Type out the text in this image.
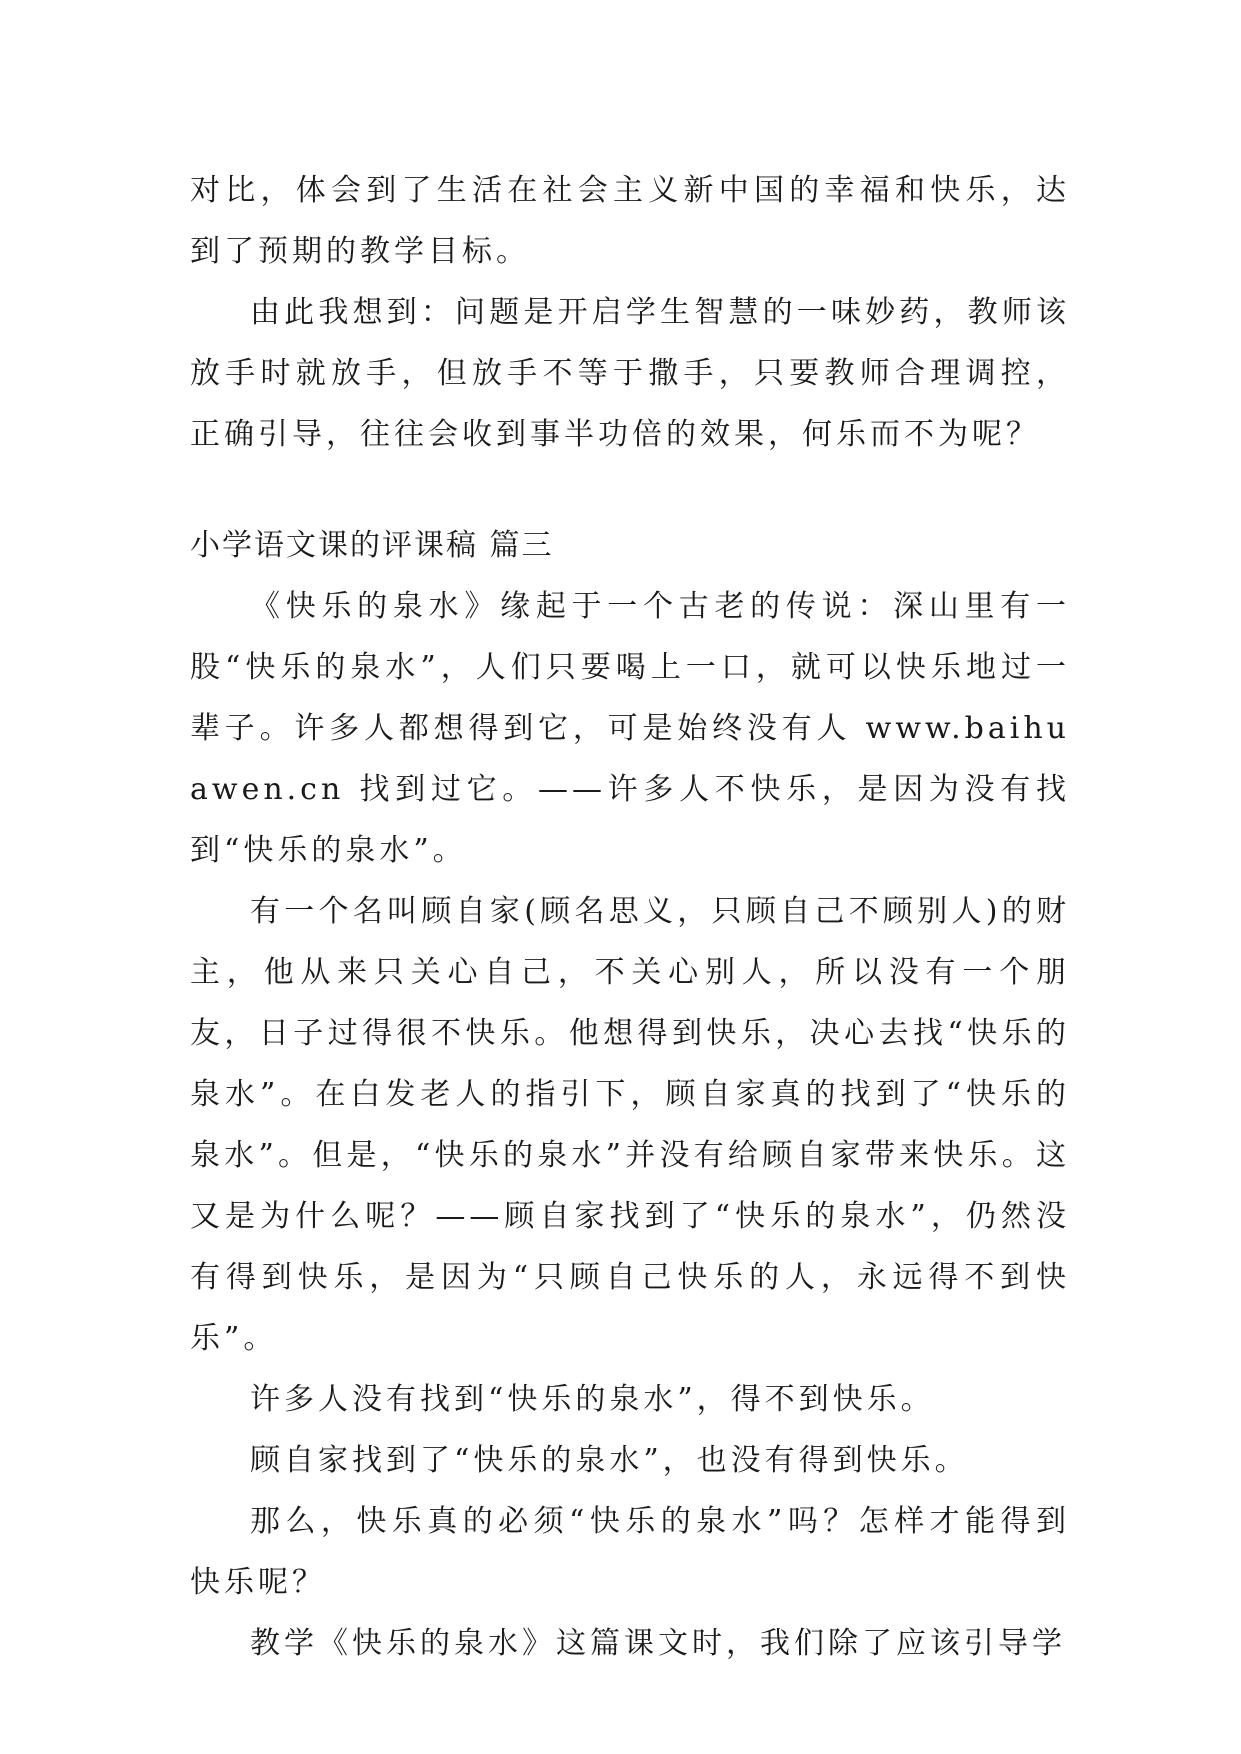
对比，体会到了生活在社会主义新中国的幸福和快乐，达到了预期的教学目标。

由此我想到：问题是开启学生智慧的一味妙药，教师该放手时就放手，但放手不等于撒手，只要教师合理调控，正确引导，往往会收到事半功倍的效果，何乐而不为呢？

小学语文课的评课稿 篇三

《快乐的泉水》缘起于一个古老的传说：深山里有一股“快乐的泉水”，人们只要喝上一口，就可以快乐地过一辈子。许多人都想得到它，可是始终没有人 www.baihuawen.cn 找到过它。——许多人不快乐，是因为没有找到“快乐的泉水”。

有一个名叫顾自家(顾名思义，只顾自己不顾别人)的财主，他从来只关心自己，不关心别人，所以没有一个朋友，日子过得很不快乐。他想得到快乐，决心去找“快乐的泉水”。在白发老人的指引下，顾自家真的找到了“快乐的泉水”。但是，“快乐的泉水”并没有给顾自家带来快乐。这又是为什么呢？——顾自家找到了“快乐的泉水”，仍然没有得到快乐，是因为“只顾自己快乐的人，永远得不到快乐”。

许多人没有找到“快乐的泉水”，得不到快乐。

顾自家找到了“快乐的泉水”，也没有得到快乐。

那么，快乐真的必须“快乐的泉水”吗？怎样才能得到快乐呢？

教学《快乐的泉水》这篇课文时，我们除了应该引导学
